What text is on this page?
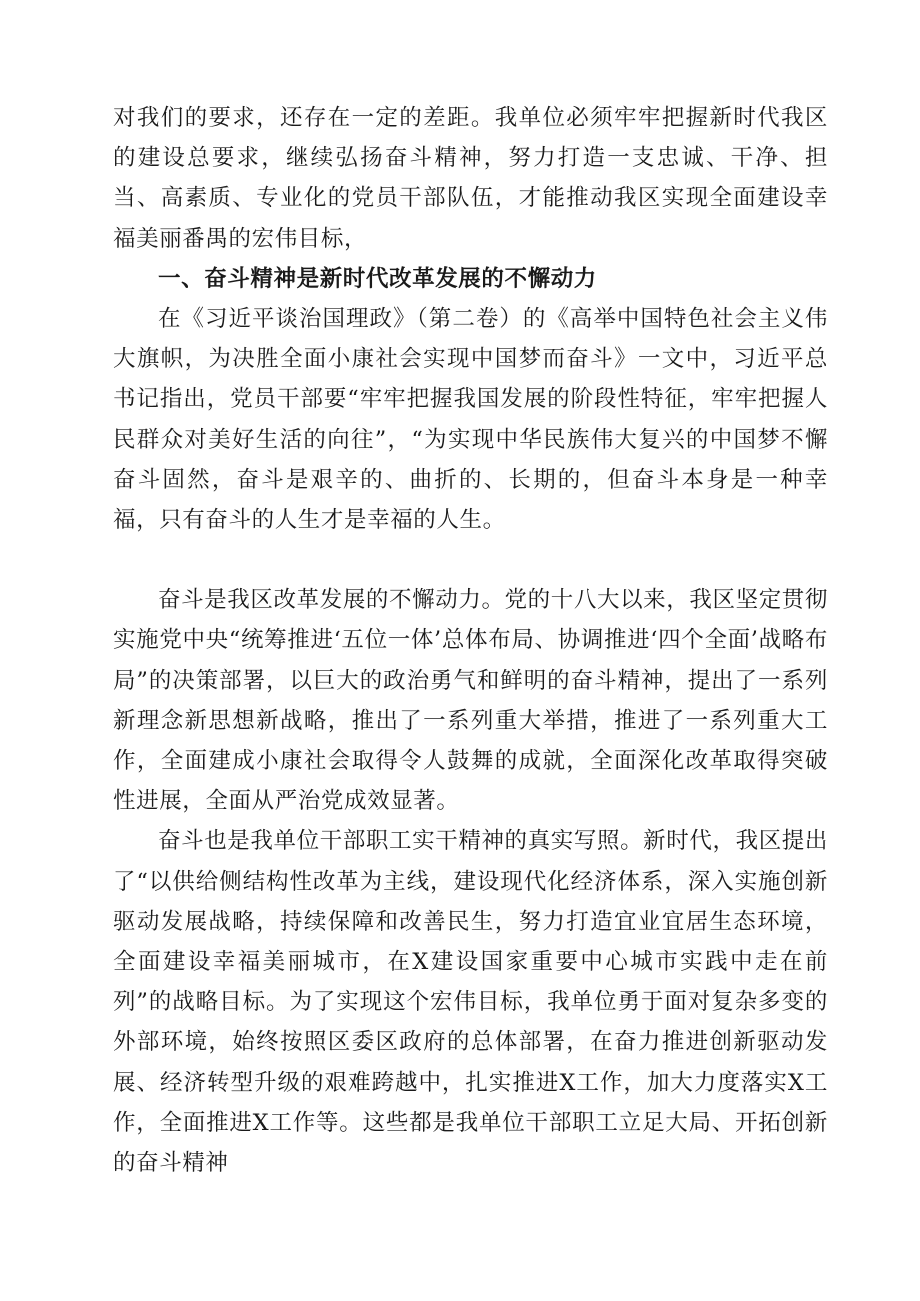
对我们的要求，还存在一定的差距。我单位必须牢牢把握新时代我区的建设总要求，继续弘扬奋斗精神，努力打造一支忠诚、干净、担当、高素质、专业化的党员干部队伍，才能推动我区实现全面建设幸福美丽番禺的宏伟目标，

一、奋斗精神是新时代改革发展的不懈动力

在《习近平谈治国理政》（第二卷）的《高举中国特色社会主义伟大旗帜，为决胜全面小康社会实现中国梦而奋斗》一文中，习近平总书记指出，党员干部要“牢牢把握我国发展的阶段性特征，牢牢把握人民群众对美好生活的向往”，“为实现中华民族伟大复兴的中国梦不懈奋斗固然，奋斗是艰辛的、曲折的、长期的，但奋斗本身是一种幸福，只有奋斗的人生才是幸福的人生。

奋斗是我区改革发展的不懈动力。党的十八大以来，我区坚定贯彻实施党中央“统筹推进‘五位一体’总体布局、协调推进‘四个全面’战略布局”的决策部署，以巨大的政治勇气和鲜明的奋斗精神，提出了一系列新理念新思想新战略，推出了一系列重大举措，推进了一系列重大工作，全面建成小康社会取得令人鼓舞的成就，全面深化改革取得突破性进展，全面从严治党成效显著。

奋斗也是我单位干部职工实干精神的真实写照。新时代，我区提出了“以供给侧结构性改革为主线，建设现代化经济体系，深入实施创新驱动发展战略，持续保障和改善民生，努力打造宜业宜居生态环境，全面建设幸福美丽城市，在X建设国家重要中心城市实践中走在前列”的战略目标。为了实现这个宏伟目标，我单位勇于面对复杂多变的外部环境，始终按照区委区政府的总体部署，在奋力推进创新驱动发展、经济转型升级的艰难跨越中，扎实推进X工作，加大力度落实X工作，全面推进X工作等。这些都是我单位干部职工立足大局、开拓创新的奋斗精神
